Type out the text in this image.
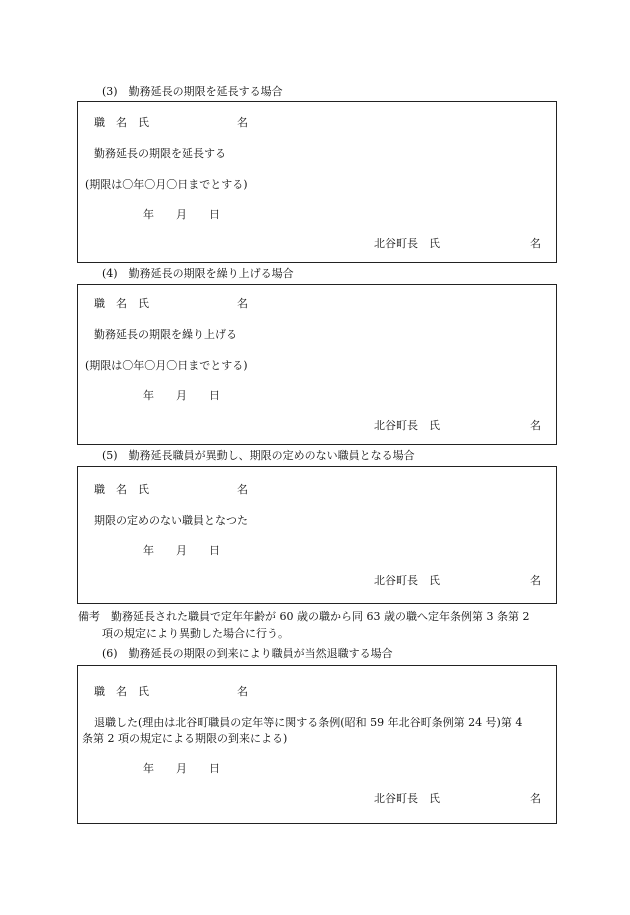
(3)　勤務延長の期限を延長する場合
職　名　氏	名
勤務延長の期限を延長する
(期限は〇年〇月〇日までとする)
年　　月　　日
北谷町長　氏	名
(4)　勤務延長の期限を繰り上げる場合
職　名　氏	名
勤務延長の期限を繰り上げる
(期限は〇年〇月〇日までとする)
年　　月　　日
北谷町長　氏	名
(5)　勤務延長職員が異動し、期限の定めのない職員となる場合
職　名　氏	名
期限の定めのない職員となつた
年　　月　　日
北谷町長　氏	名
備考　勤務延長された職員で定年年齢が 60 歳の職から同 63 歳の職へ定年条例第 3 条第 2
項の規定により異動した場合に行う。
(6)　勤務延長の期限の到来により職員が当然退職する場合
職　名　氏	名
退職した(理由は北谷町職員の定年等に関する条例(昭和 59 年北谷町条例第 24 号)第 4
条第 2 項の規定による期限の到来による)
年　　月　　日
北谷町長　氏	名
